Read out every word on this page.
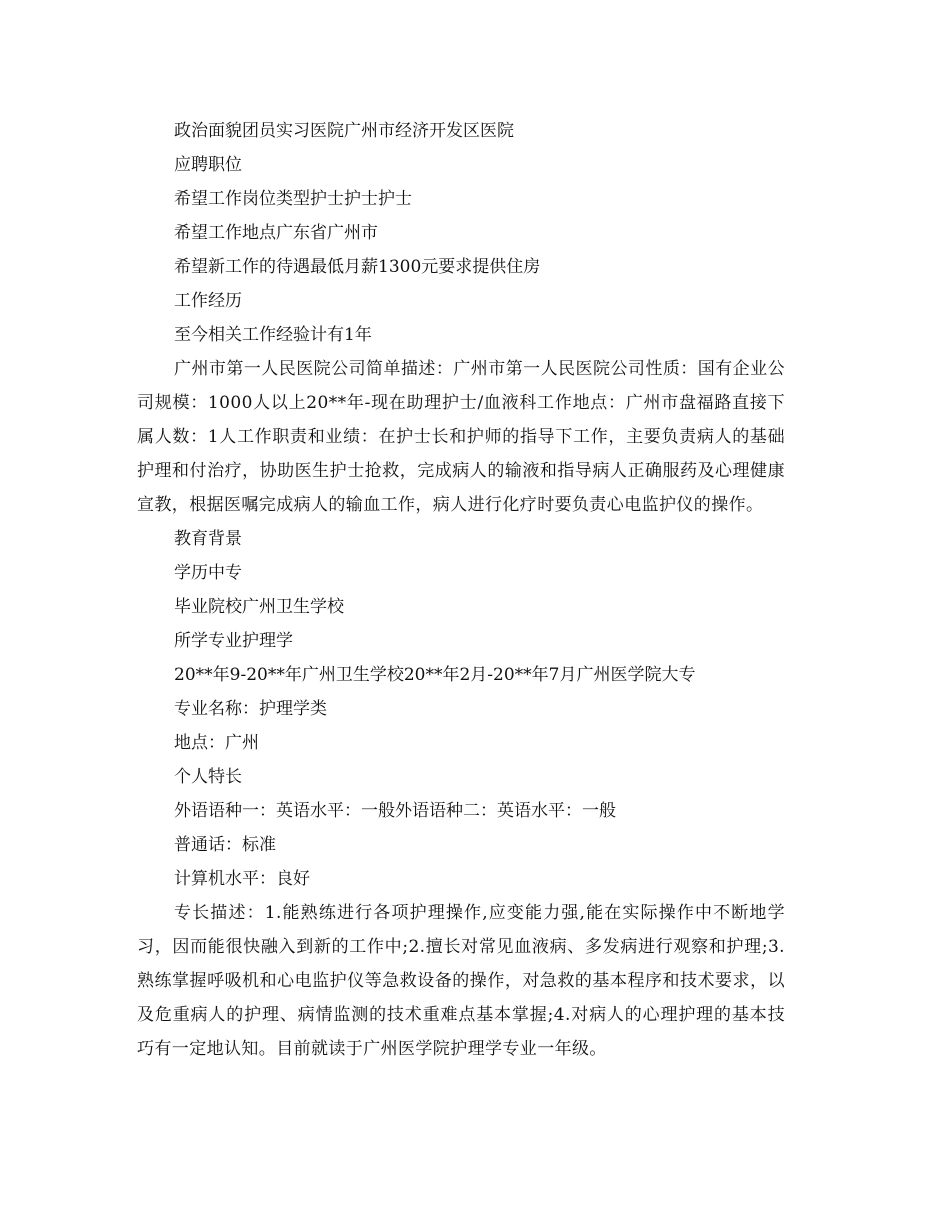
政治面貌团员实习医院广州市经济开发区医院

应聘职位

希望工作岗位类型护士护士护士

希望工作地点广东省广州市

希望新工作的待遇最低月薪1300元要求提供住房

工作经历

至今相关工作经验计有1年

广州市第一人民医院公司简单描述：广州市第一人民医院公司性质：国有企业公司规模：1000人以上20**年-现在助理护士/血液科工作地点：广州市盘福路直接下属人数：1人工作职责和业绩：在护士长和护师的指导下工作，主要负责病人的基础护理和付治疗，协助医生护士抢救，完成病人的输液和指导病人正确服药及心理健康宣教，根据医嘱完成病人的输血工作，病人进行化疗时要负责心电监护仪的操作。

教育背景

学历中专

毕业院校广州卫生学校

所学专业护理学

20**年9-20**年广州卫生学校20**年2月-20**年7月广州医学院大专

专业名称：护理学类

地点：广州

个人特长

外语语种一：英语水平：一般外语语种二：英语水平：一般

普通话：标准

计算机水平：良好

专长描述：1.能熟练进行各项护理操作,应变能力强,能在实际操作中不断地学习，因而能很快融入到新的工作中;2.擅长对常见血液病、多发病进行观察和护理;3.熟练掌握呼吸机和心电监护仪等急救设备的操作，对急救的基本程序和技术要求，以及危重病人的护理、病情监测的技术重难点基本掌握;4.对病人的心理护理的基本技巧有一定地认知。目前就读于广州医学院护理学专业一年级。
